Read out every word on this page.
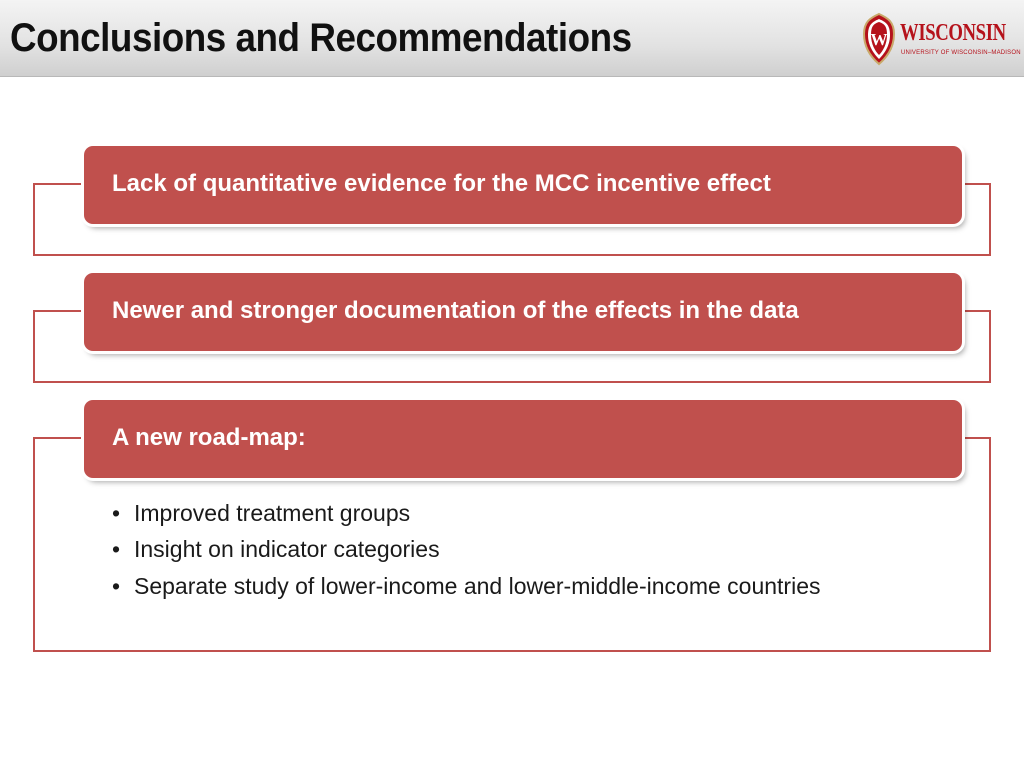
Conclusions and Recommendations	W WISCONSIN
UNIVERSITY OF WISCONSIN–MADISON
Lack of quantitative evidence for the MCC incentive effect
Newer and stronger documentation of the effects in the data
A new road-map:
• Improved treatment groups
• Insight on indicator categories
• Separate study of lower-income and lower-middle-income countries
